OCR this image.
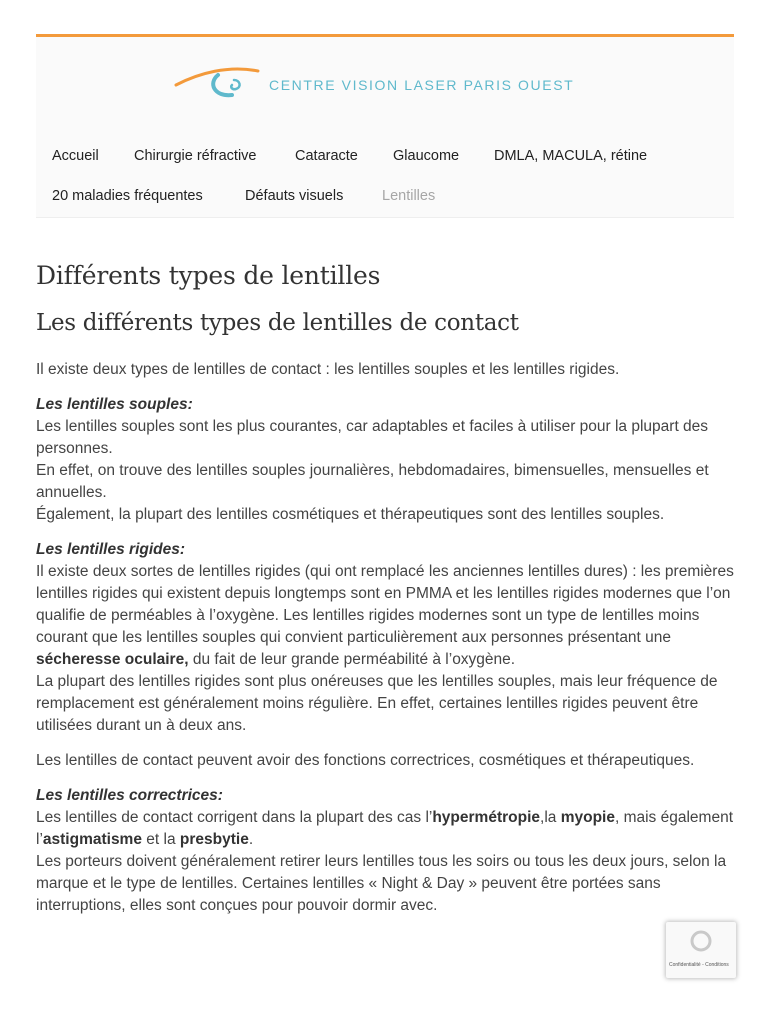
CENTRE VISION LASER PARIS OUEST
Accueil Chirurgie réfractive	Cataracte Glaucome DMLA, MACULA, rétine
20 maladies fréquentes	Défauts visuels	Lentilles
Différents types de lentilles
Les différents types de lentilles de contact

Il existe deux types de lentilles de contact : les lentilles souples et les lentilles rigides.

Les lentilles souples:
Les lentilles souples sont les plus courantes, car adaptables et faciles à utiliser pour la plupart des personnes.
En effet, on trouve des lentilles souples journalières, hebdomadaires, bimensuelles, mensuelles et annuelles.
Également, la plupart des lentilles cosmétiques et thérapeutiques sont des lentilles souples.

Les lentilles rigides:
Il existe deux sortes de lentilles rigides (qui ont remplacé les anciennes lentilles dures) : les premières lentilles rigides qui existent depuis longtemps sont en PMMA et les lentilles rigides modernes que l’on qualifie de perméables à l’oxygène. Les lentilles rigides modernes sont un type de lentilles moins courant que les lentilles souples qui convient particulièrement aux personnes présentant une sécheresse oculaire, du fait de leur grande perméabilité à l’oxygène.
La plupart des lentilles rigides sont plus onéreuses que les lentilles souples, mais leur fréquence de remplacement est généralement moins régulière. En effet, certaines lentilles rigides peuvent être utilisées durant un à deux ans.

Les lentilles de contact peuvent avoir des fonctions correctrices, cosmétiques et thérapeutiques.

Les lentilles correctrices:
Les lentilles de contact corrigent dans la plupart des cas l’hypermétropie,la myopie, mais également l’astigmatisme et la presbytie.
Les porteurs doivent généralement retirer leurs lentilles tous les soirs ou tous les deux jours, selon la marque et le type de lentilles. Certaines lentilles « Night & Day » peuvent être portées sans interruptions, elles sont conçues pour pouvoir dormir avec.

Confidentialité - Conditions
